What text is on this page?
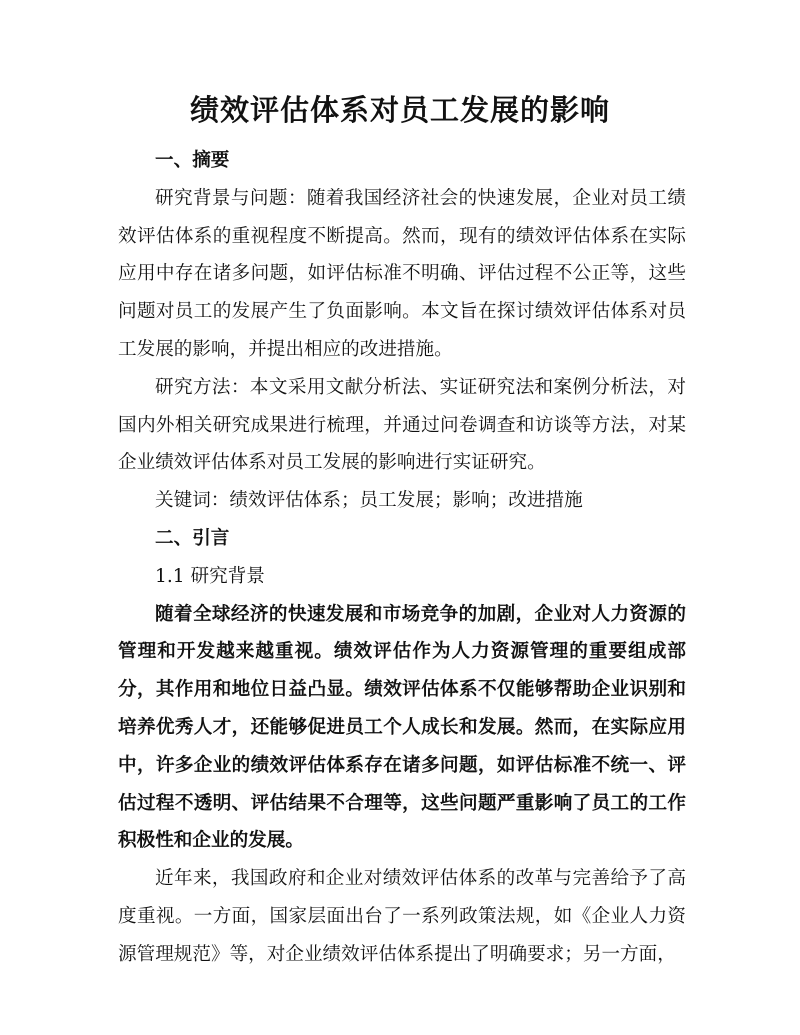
绩效评估体系对员工发展的影响

一、摘要

研究背景与问题：随着我国经济社会的快速发展，企业对员工绩效评估体系的重视程度不断提高。然而，现有的绩效评估体系在实际应用中存在诸多问题，如评估标准不明确、评估过程不公正等，这些问题对员工的发展产生了负面影响。本文旨在探讨绩效评估体系对员工发展的影响，并提出相应的改进措施。

研究方法：本文采用文献分析法、实证研究法和案例分析法，对国内外相关研究成果进行梳理，并通过问卷调查和访谈等方法，对某企业绩效评估体系对员工发展的影响进行实证研究。

关键词：绩效评估体系；员工发展；影响；改进措施

二、引言

1.1 研究背景

随着全球经济的快速发展和市场竞争的加剧，企业对人力资源的管理和开发越来越重视。绩效评估作为人力资源管理的重要组成部分，其作用和地位日益凸显。绩效评估体系不仅能够帮助企业识别和培养优秀人才，还能够促进员工个人成长和发展。然而，在实际应用中，许多企业的绩效评估体系存在诸多问题，如评估标准不统一、评估过程不透明、评估结果不合理等，这些问题严重影响了员工的工作积极性和企业的发展。

近年来，我国政府和企业对绩效评估体系的改革与完善给予了高度重视。一方面，国家层面出台了一系列政策法规，如《企业人力资源管理规范》等，对企业绩效评估体系提出了明确要求；另一方面，
